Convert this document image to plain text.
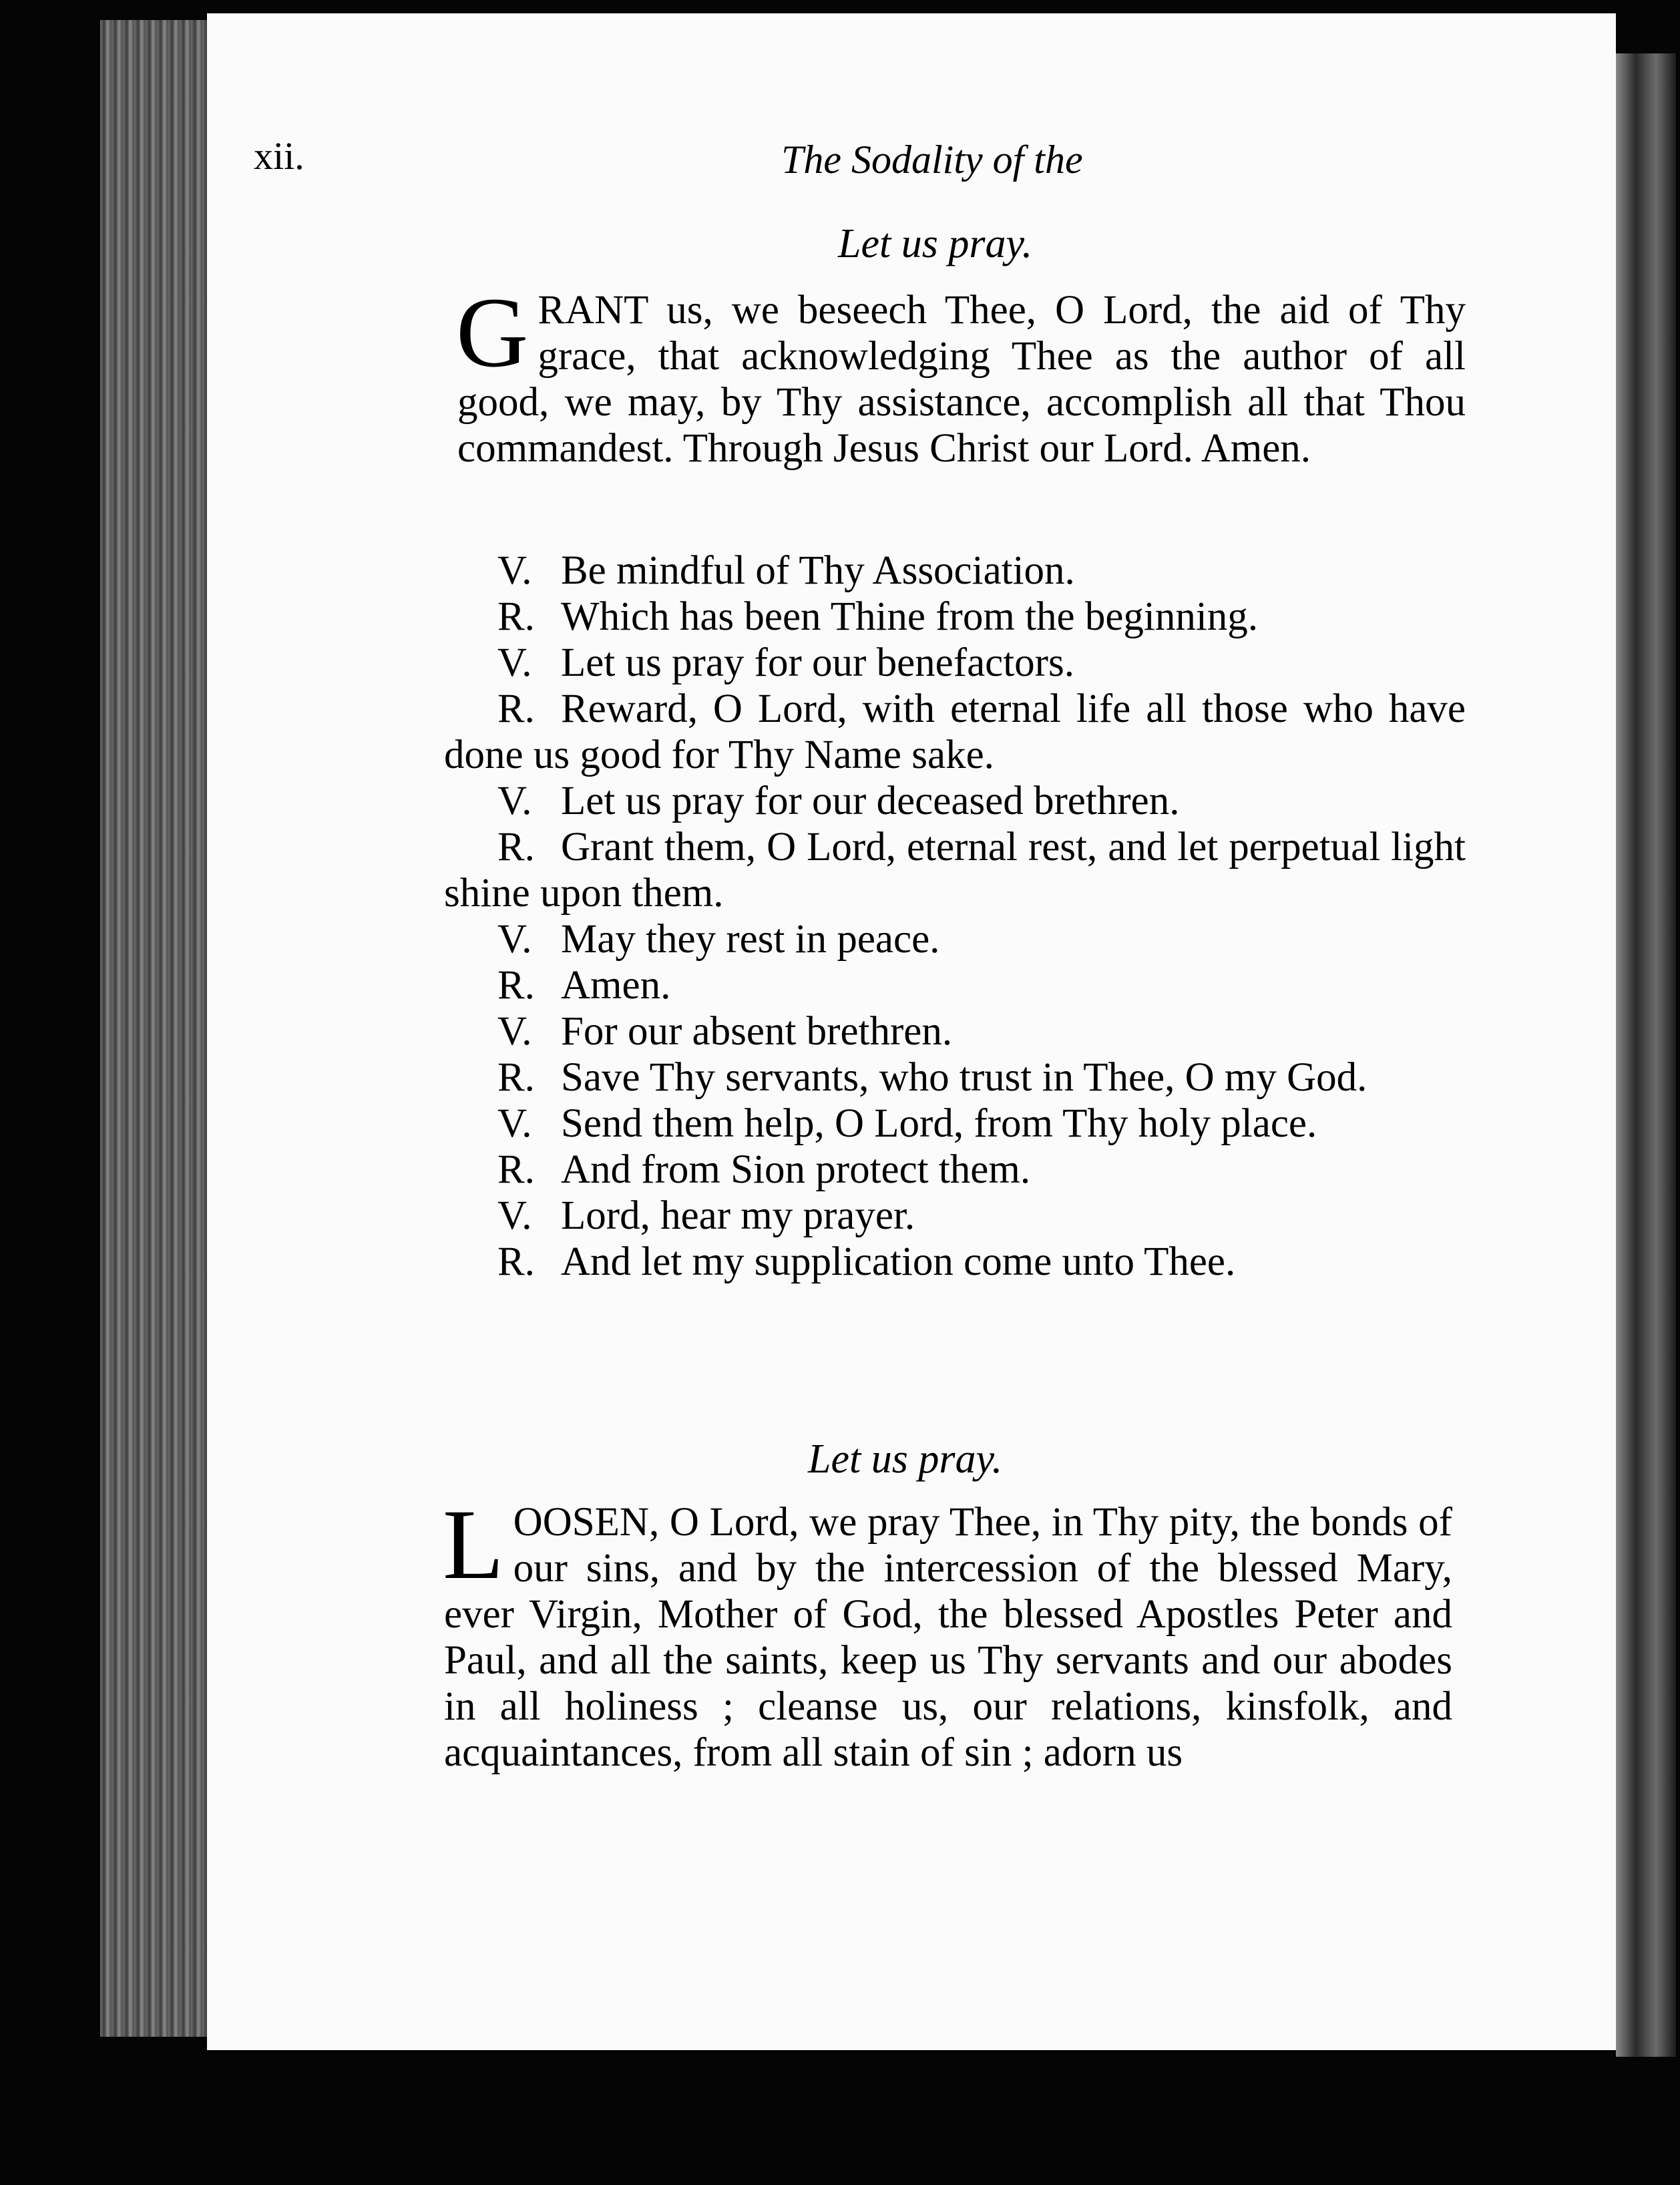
xii.	The Sodality of the
Let us pray.
GRANT us, we beseech Thee, O Lord, the aid of Thy grace, that acknowledging Thee as the author of all good, we may, by Thy assistance, accomplish all that Thou commandest. Through Jesus Christ our Lord. Amen.
V. Be mindful of Thy Association.
R. Which has been Thine from the beginning.
V. Let us pray for our benefactors.
R. Reward, O Lord, with eternal life all those who have done us good for Thy Name sake.
V. Let us pray for our deceased brethren.
R. Grant them, O Lord, eternal rest, and let perpetual light shine upon them.
V. May they rest in peace.
R. Amen.
V. For our absent brethren.
R. Save Thy servants, who trust in Thee, O my God.
V. Send them help, O Lord, from Thy holy place.
R. And from Sion protect them.
V. Lord, hear my prayer.
R. And let my supplication come unto Thee.
Let us pray.
LOOSEN, O Lord, we pray Thee, in Thy pity, the bonds of our sins, and by the intercession of the blessed Mary, ever Virgin, Mother of God, the blessed Apostles Peter and Paul, and all the saints, keep us Thy servants and our abodes in all holiness ; cleanse us, our relations, kinsfolk, and acquaintances, from all stain of sin ; adorn us
